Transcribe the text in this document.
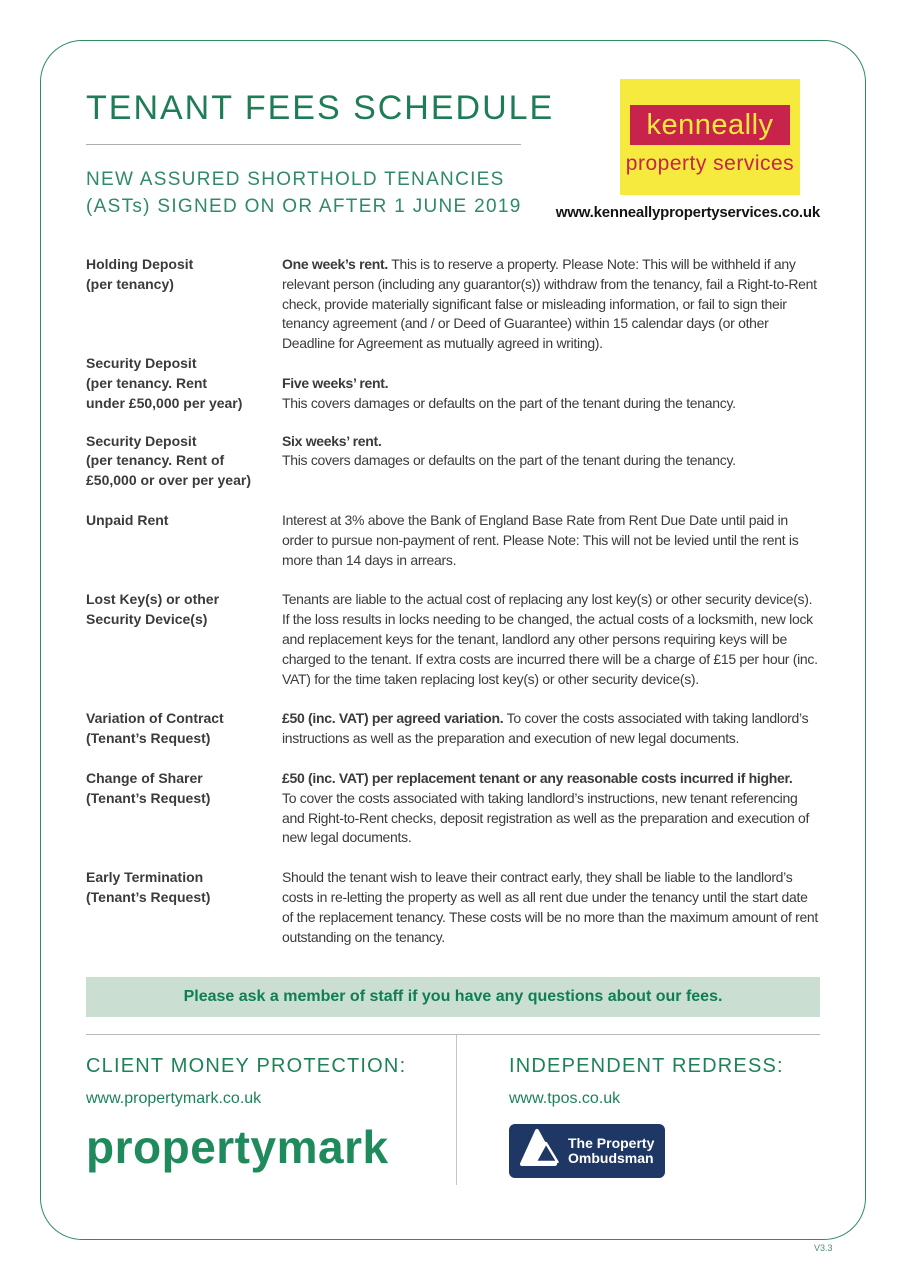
TENANT FEES SCHEDULE
NEW ASSURED SHORTHOLD TENANCIES
(ASTs) SIGNED ON OR AFTER 1 JUNE 2019
kenneally
property services
www.kenneallypropertyservices.co.uk
Holding Deposit
(per tenancy)
One week’s rent. This is to reserve a property. Please Note: This will be withheld if any relevant person (including any guarantor(s)) withdraw from the tenancy, fail a Right-to-Rent check, provide materially significant false or misleading information, or fail to sign their tenancy agreement (and / or Deed of Guarantee) within 15 calendar days (or other Deadline for Agreement as mutually agreed in writing).
Security Deposit
(per tenancy. Rent
under £50,000 per year)
Five weeks’ rent.
This covers damages or defaults on the part of the tenant during the tenancy.
Security Deposit
(per tenancy. Rent of
£50,000 or over per year)
Six weeks’ rent.
This covers damages or defaults on the part of the tenant during the tenancy.
Unpaid Rent	Interest at 3% above the Bank of England Base Rate from Rent Due Date until paid in order to pursue non-payment of rent. Please Note: This will not be levied until the rent is more than 14 days in arrears.
Lost Key(s) or other
Security Device(s)
Tenants are liable to the actual cost of replacing any lost key(s) or other security device(s). If the loss results in locks needing to be changed, the actual costs of a locksmith, new lock and replacement keys for the tenant, landlord any other persons requiring keys will be charged to the tenant. If extra costs are incurred there will be a charge of £15 per hour (inc. VAT) for the time taken replacing lost key(s) or other security device(s).
Variation of Contract
(Tenant’s Request)
£50 (inc. VAT) per agreed variation. To cover the costs associated with taking landlord’s instructions as well as the preparation and execution of new legal documents.
Change of Sharer
(Tenant’s Request)
£50 (inc. VAT) per replacement tenant or any reasonable costs incurred if higher.
To cover the costs associated with taking landlord’s instructions, new tenant referencing and Right-to-Rent checks, deposit registration as well as the preparation and execution of new legal documents.
Early Termination
(Tenant’s Request)
Should the tenant wish to leave their contract early, they shall be liable to the landlord’s costs in re-letting the property as well as all rent due under the tenancy until the start date of the replacement tenancy. These costs will be no more than the maximum amount of rent outstanding on the tenancy.
Please ask a member of staff if you have any questions about our fees.
CLIENT MONEY PROTECTION:
www.propertymark.co.uk
propertymark
INDEPENDENT REDRESS:
www.tpos.co.uk
The Property
Ombudsman
V3.3
